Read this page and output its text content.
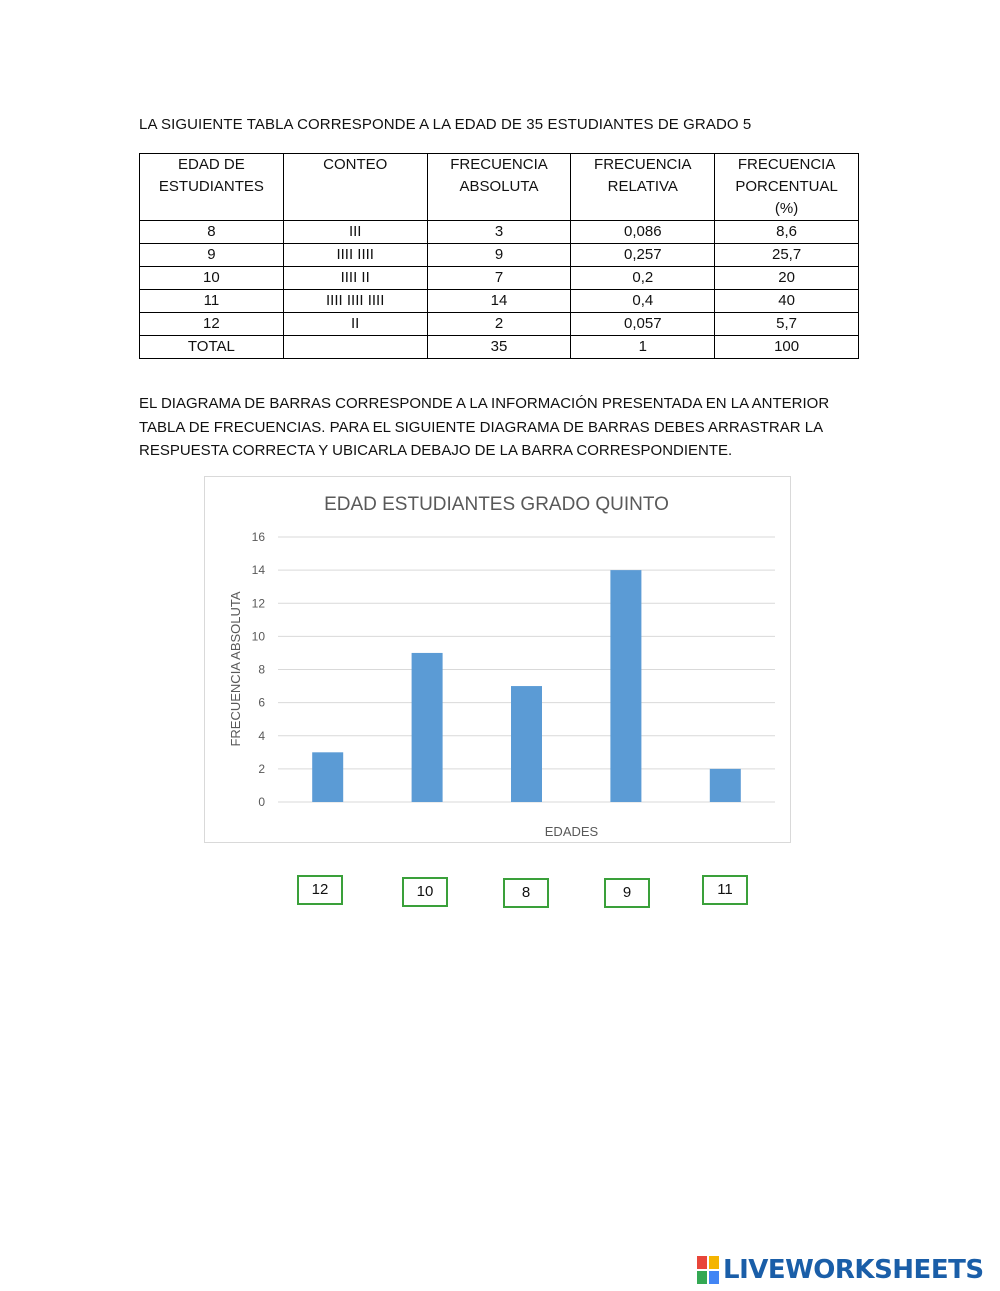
LA SIGUIENTE TABLA CORRESPONDE A LA EDAD DE 35 ESTUDIANTES DE GRADO 5
EDAD DE ESTUDIANTES	CONTEO	FRECUENCIA ABSOLUTA	FRECUENCIA RELATIVA	FRECUENCIA PORCENTUAL (%)
8	III	3	0,086	8,6
9	IIII IIII	9	0,257	25,7
10	IIII II	7	0,2	20
11	IIII IIII IIII	14	0,4	40
12	II	2	0,057	5,7
TOTAL		35	1	100
EL DIAGRAMA DE BARRAS CORRESPONDE A LA INFORMACIÓN PRESENTADA EN LA ANTERIOR TABLA DE FRECUENCIAS. PARA EL SIGUIENTE DIAGRAMA DE BARRAS DEBES ARRASTRAR LA RESPUESTA CORRECTA Y UBICARLA DEBAJO DE LA BARRA CORRESPONDIENTE.
EDAD ESTUDIANTES GRADO QUINTO
0
2
4
6
8
10
12
14
16
FRECUENCIA ABSOLUTA
EDADES
12	10	8	9	11
LIVEWORKSHEETS
